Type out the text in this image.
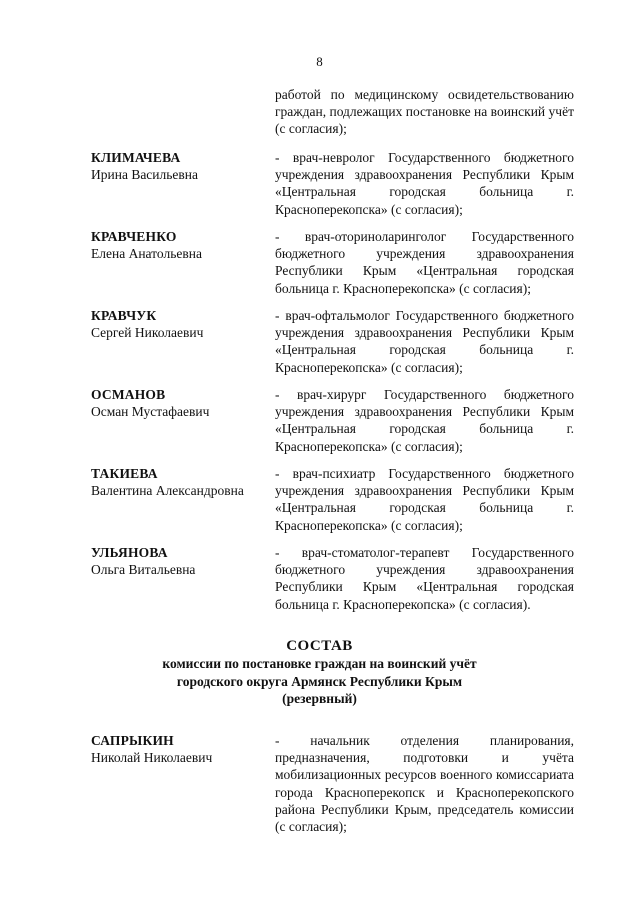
8
работой по медицинскому освидетельствованию граждан, подлежащих постановке на воинский учёт (с согласия);
КЛИМАЧЕВА
Ирина Васильевна
- врач-невролог Государственного бюджетного учреждения здравоохранения Республики Крым «Центральная городская больница г. Красноперекопска» (с согласия);
КРАВЧЕНКО
Елена Анатольевна
- врач-оториноларинголог Государственного бюджетного учреждения здравоохранения Республики Крым «Центральная городская больница г. Красноперекопска» (с согласия);
КРАВЧУК
Сергей Николаевич
- врач-офтальмолог Государственного бюджетного учреждения здравоохранения Республики Крым «Центральная городская больница г. Красноперекопска» (с согласия);
ОСМАНОВ
Осман Мустафаевич
- врач-хирург Государственного бюджетного учреждения здравоохранения Республики Крым «Центральная городская больница г. Красноперекопска» (с согласия);
ТАКИЕВА
Валентина Александровна
- врач-психиатр Государственного бюджетного учреждения здравоохранения Республики Крым «Центральная городская больница г. Красноперекопска» (с согласия);
УЛЬЯНОВА
Ольга Витальевна
- врач-стоматолог-терапевт Государственного бюджетного учреждения здравоохранения Республики Крым «Центральная городская больница г. Красноперекопска» (с согласия).
СОСТАВ
комиссии по постановке граждан на воинский учёт
городского округа Армянск Республики Крым
(резервный)
САПРЫКИН
Николай Николаевич
- начальник отделения планирования, предназначения, подготовки и учёта мобилизационных ресурсов военного комиссариата города Красноперекопск и Красноперекопского района Республики Крым, председатель комиссии (с согласия);
